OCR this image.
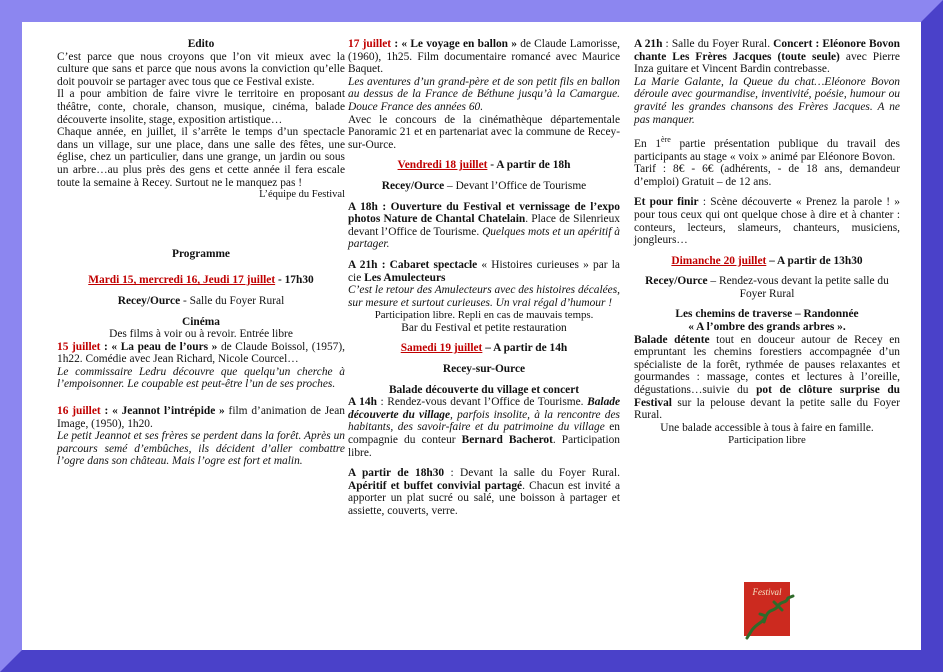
Edito

C’est parce que nous croyons que l’on vit mieux avec la culture que sans et parce que nous avons la conviction qu’elle doit pouvoir se partager avec tous que ce Festival existe.

Il a pour ambition de faire vivre le territoire en proposant théâtre, conte, chorale, chanson, musique, cinéma, balade découverte insolite, stage, exposition artistique…

Chaque année, en juillet, il s’arrête le temps d’un spectacle dans un village, sur une place, dans une salle des fêtes, une église, chez un particulier, dans une grange, un jardin ou sous un arbre…au plus près des gens et cette année il fera escale toute la semaine à Recey. Surtout ne le manquez pas !

L’équipe du Festival

Programme

Mardi 15, mercredi 16, Jeudi 17 juillet - 17h30

Recey/Ource - Salle du Foyer Rural

Cinéma

Des films à voir ou à revoir. Entrée libre

15 juillet : « La peau de l’ours » de Claude Boissol, (1957), 1h22. Comédie avec Jean Richard, Nicole Courcel…

Le commissaire Ledru découvre que quelqu’un cherche à l’empoisonner. Le coupable est peut-être l’un de ses proches.

16 juillet : « Jeannot l’intrépide » film d’animation de Jean Image, (1950), 1h20.

Le petit Jeannot et ses frères se perdent dans la forêt. Après un parcours semé d’embûches, ils décident d’aller combattre l’ogre dans son château. Mais l’ogre est fort et malin.

17 juillet : « Le voyage en ballon » de Claude Lamorisse, (1960), 1h25. Film documentaire romancé avec Maurice Baquet.

Les aventures d’un grand-père et de son petit fils en ballon au dessus de la France de Béthune jusqu’à la Camargue. Douce France des années 60.

Avec le concours de la cinémathèque départementale Panoramic 21 et en partenariat avec la commune de Recey-sur-Ource.

Vendredi 18 juillet - A partir de 18h

Recey/Ource – Devant l’Office de Tourisme

A 18h : Ouverture du Festival et vernissage de l’expo photos Nature de Chantal Chatelain. Place de Silenrieux devant l’Office de Tourisme. Quelques mots et un apéritif à partager.

A 21h : Cabaret spectacle « Histoires curieuses » par la cie Les Amulecteurs

C’est le retour des Amulecteurs avec des histoires décalées, sur mesure et surtout curieuses. Un vrai régal d’humour !

Participation libre. Repli en cas de mauvais temps.

Bar du Festival et petite restauration

Samedi 19 juillet – A partir de 14h

Recey-sur-Ource

Balade découverte du village et concert

A 14h : Rendez-vous devant l’Office de Tourisme. Balade découverte du village, parfois insolite, à la rencontre des habitants, des savoir-faire et du patrimoine du village en compagnie du conteur Bernard Bacherot. Participation libre.

A partir de 18h30 : Devant la salle du Foyer Rural. Apéritif et buffet convivial partagé. Chacun est invité a apporter un plat sucré ou salé, une boisson à partager et assiette, couverts, verre.

A 21h : Salle du Foyer Rural. Concert : Eléonore Bovon chante Les Frères Jacques (toute seule) avec Pierre Inza guitare et Vincent Bardin contrebasse.

La Marie Galante, la Queue du chat…Eléonore Bovon déroule avec gourmandise, inventivité, poésie, humour ou gravité les grandes chansons des Frères Jacques. A ne pas manquer.

En 1ère partie présentation publique du travail des participants au stage « voix » animé par Eléonore Bovon.

Tarif : 8€ - 6€ (adhérents, - de 18 ans, demandeur d’emploi) Gratuit – de 12 ans.

Et pour finir : Scène découverte « Prenez la parole ! » pour tous ceux qui ont quelque chose à dire et à chanter : conteurs, lecteurs, slameurs, chanteurs, musiciens, jongleurs…

Dimanche 20 juillet – A partir de 13h30

Recey/Ource – Rendez-vous devant la petite salle du Foyer Rural

Les chemins de traverse – Randonnée

« A l’ombre des grands arbres ».

Balade détente tout en douceur autour de Recey en empruntant les chemins forestiers accompagnée d’un spécialiste de la forêt, rythmée de pauses relaxantes et gourmandes : massage, contes et lectures à l’oreille, dégustations…suivie du pot de clôture surprise du Festival sur la pelouse devant la petite salle du Foyer Rural.

Une balade accessible à tous à faire en famille.

Participation libre

Festival
